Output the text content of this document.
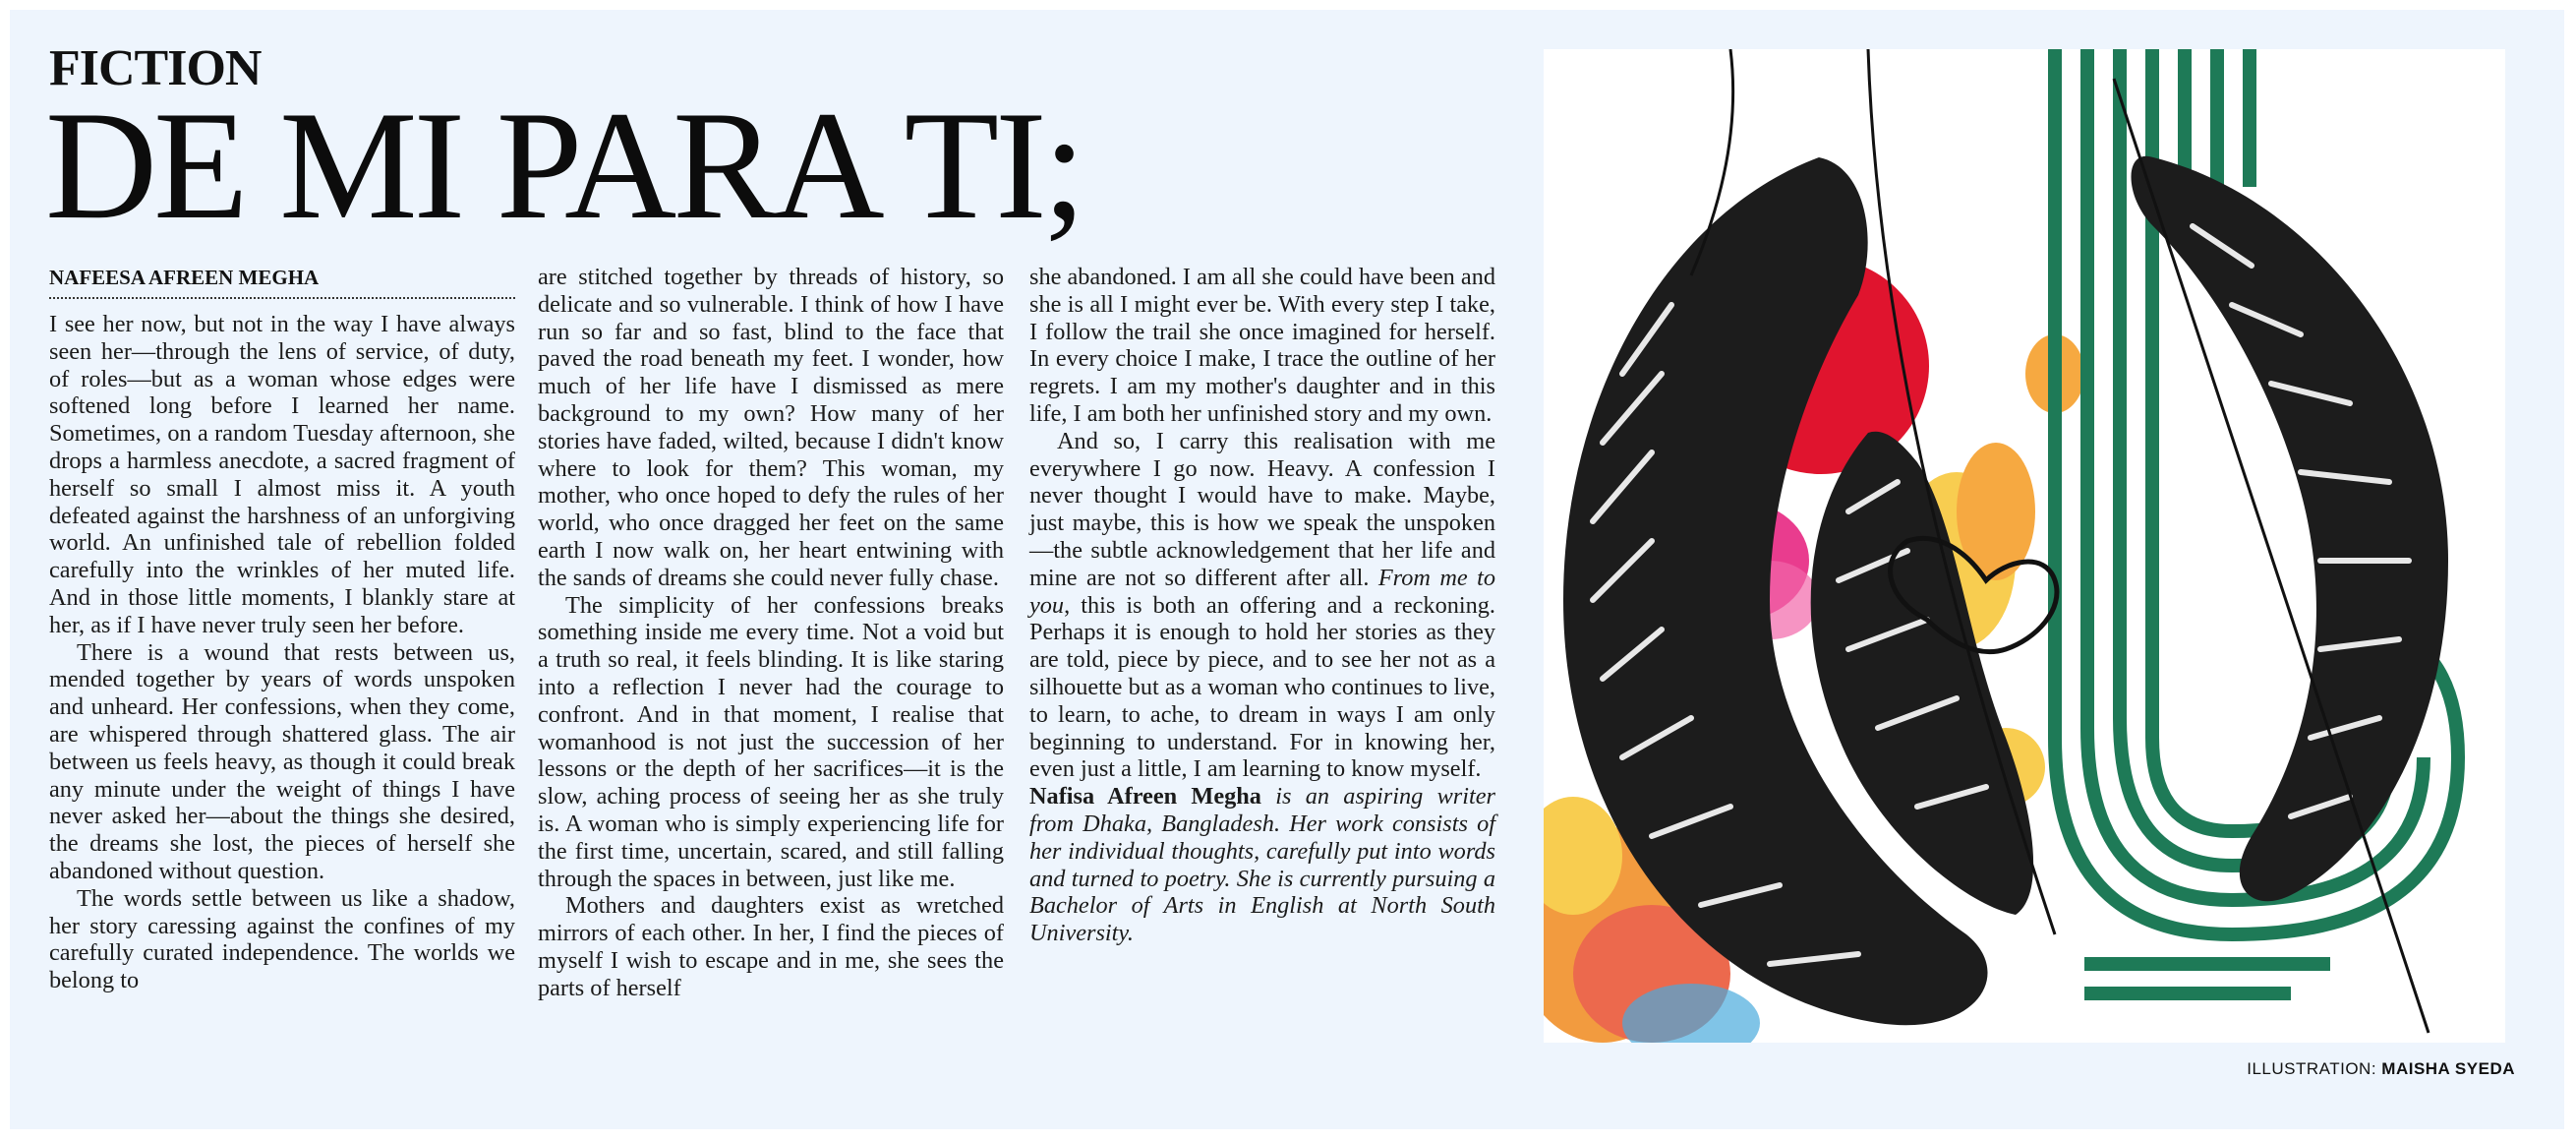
FICTION
DE MI PARA TI;
NAFEESA AFREEN MEGHA

I see her now, but not in the way I have always seen her—through the lens of service, of duty, of roles—but as a woman whose edges were softened long before I learned her name. Sometimes, on a random Tuesday afternoon, she drops a harmless anecdote, a sacred fragment of herself so small I almost miss it. A youth defeated against the harshness of an unforgiving world. An unfinished tale of rebellion folded carefully into the wrinkles of her muted life. And in those little moments, I blankly stare at her, as if I have never truly seen her before.

There is a wound that rests between us, mended together by years of words unspoken and unheard. Her confessions, when they come, are whispered through shattered glass. The air between us feels heavy, as though it could break any minute under the weight of things I have never asked her—about the things she desired, the dreams she lost, the pieces of herself she abandoned without question.

The words settle between us like a shadow, her story caressing against the confines of my carefully curated independence. The worlds we belong to

are stitched together by threads of history, so delicate and so vulnerable. I think of how I have run so far and so fast, blind to the face that paved the road beneath my feet. I wonder, how much of her life have I dismissed as mere background to my own? How many of her stories have faded, wilted, because I didn't know where to look for them? This woman, my mother, who once hoped to defy the rules of her world, who once dragged her feet on the same earth I now walk on, her heart entwining with the sands of dreams she could never fully chase.

The simplicity of her confessions breaks something inside me every time. Not a void but a truth so real, it feels blinding. It is like staring into a reflection I never had the courage to confront. And in that moment, I realise that womanhood is not just the succession of her lessons or the depth of her sacrifices—it is the slow, aching process of seeing her as she truly is. A woman who is simply experiencing life for the first time, uncertain, scared, and still falling through the spaces in between, just like me.

Mothers and daughters exist as wretched mirrors of each other. In her, I find the pieces of myself I wish to escape and in me, she sees the parts of herself

she abandoned. I am all she could have been and she is all I might ever be. With every step I take, I follow the trail she once imagined for herself. In every choice I make, I trace the outline of her regrets. I am my mother's daughter and in this life, I am both her unfinished story and my own.

And so, I carry this realisation with me everywhere I go now. Heavy. A confession I never thought I would have to make. Maybe, just maybe, this is how we speak the unspoken—the subtle acknowledgement that her life and mine are not so different after all. From me to you, this is both an offering and a reckoning. Perhaps it is enough to hold her stories as they are told, piece by piece, and to see her not as a silhouette but as a woman who continues to live, to learn, to ache, to dream in ways I am only beginning to understand. For in knowing her, even just a little, I am learning to know myself.

Nafisa Afreen Megha is an aspiring writer from Dhaka, Bangladesh. Her work consists of her individual thoughts, carefully put into words and turned to poetry. She is currently pursuing a Bachelor of Arts in English at North South University.

ILLUSTRATION: MAISHA SYEDA
